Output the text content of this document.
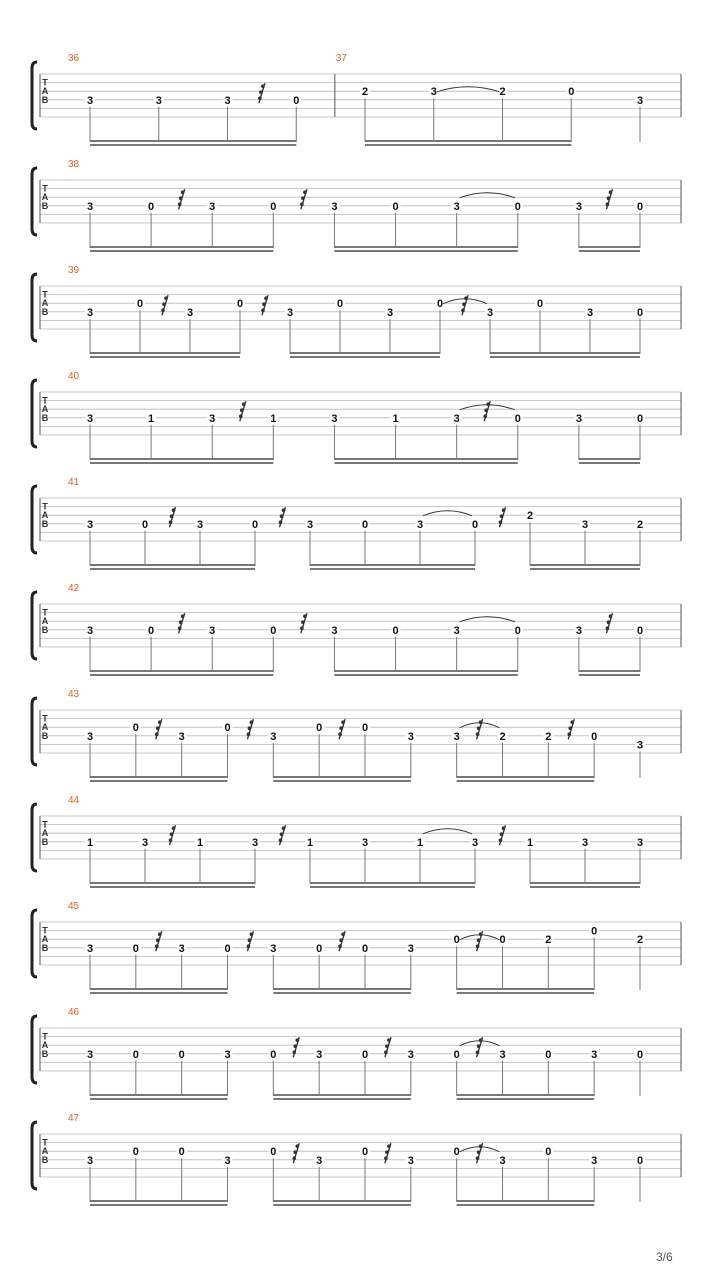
T
A
B
36	37
3	3	3	0
2	3	2	0
3
T
A
B
38
3	0	3	0	3	0	3	0	3	0
T
A
B
39
3
0
3
0
3
0
3
0
3
0
3	0
T
A
B
40
3	1	3	1	3	1	3	0	3	0
T
A
B
41
3	0	3	0	3	0	3	0
2
3	2
T
A
B
42
3	0	3	0	3	0	3	0	3	0
T
A
B
43
3
0
3
0
3
0	0
3	3	2	2	0
3
T
A
B
44
1	3	1	3	1	3	1	3	1	3	3
T
A
B
45
3	0	3	0	3	0	0	3
0	0	2
0
2
T
A
B
46
3	0	0	3	0	3	0	3	0	3	0	3	0
T
A
B
47
3
0	0
3
0
3
0
3
0
3
0
3	0
3/6
